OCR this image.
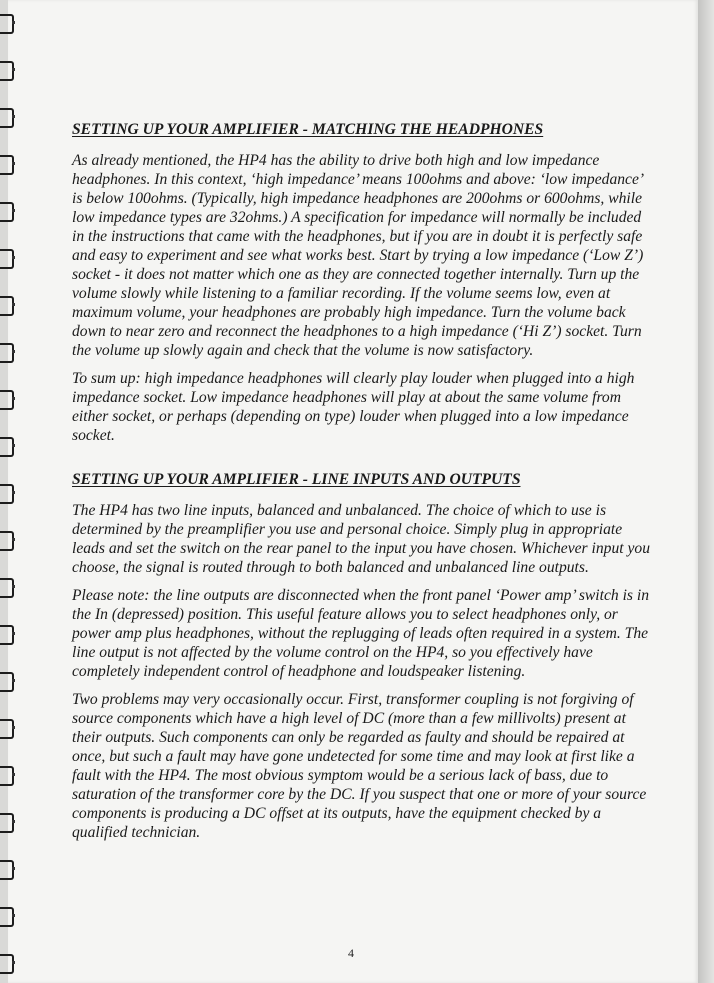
SETTING UP YOUR AMPLIFIER - MATCHING THE HEADPHONES

As already mentioned, the HP4 has the ability to drive both high and low impedance headphones. In this context, ‘high impedance’ means 100ohms and above: ‘low impedance’ is below 100ohms. (Typically, high impedance headphones are 200ohms or 600ohms, while low impedance types are 32ohms.) A specification for impedance will normally be included in the instructions that came with the headphones, but if you are in doubt it is perfectly safe and easy to experiment and see what works best. Start by trying a low impedance (‘Low Z’) socket - it does not matter which one as they are connected together internally. Turn up the volume slowly while listening to a familiar recording. If the volume seems low, even at maximum volume, your headphones are probably high impedance. Turn the volume back down to near zero and reconnect the headphones to a high impedance (‘Hi Z’) socket. Turn the volume up slowly again and check that the volume is now satisfactory.

To sum up: high impedance headphones will clearly play louder when plugged into a high impedance socket. Low impedance headphones will play at about the same volume from either socket, or perhaps (depending on type) louder when plugged into a low impedance socket.

SETTING UP YOUR AMPLIFIER - LINE INPUTS AND OUTPUTS

The HP4 has two line inputs, balanced and unbalanced. The choice of which to use is determined by the preamplifier you use and personal choice. Simply plug in appropriate leads and set the switch on the rear panel to the input you have chosen. Whichever input you choose, the signal is routed through to both balanced and unbalanced line outputs.

Please note: the line outputs are disconnected when the front panel ‘Power amp’ switch is in the In (depressed) position. This useful feature allows you to select headphones only, or power amp plus headphones, without the replugging of leads often required in a system. The line output is not affected by the volume control on the HP4, so you effectively have completely independent control of headphone and loudspeaker listening.

Two problems may very occasionally occur. First, transformer coupling is not forgiving of source components which have a high level of DC (more than a few millivolts) present at their outputs. Such components can only be regarded as faulty and should be repaired at once, but such a fault may have gone undetected for some time and may look at first like a fault with the HP4. The most obvious symptom would be a serious lack of bass, due to saturation of the transformer core by the DC. If you suspect that one or more of your source components is producing a DC offset at its outputs, have the equipment checked by a qualified technician.

4
